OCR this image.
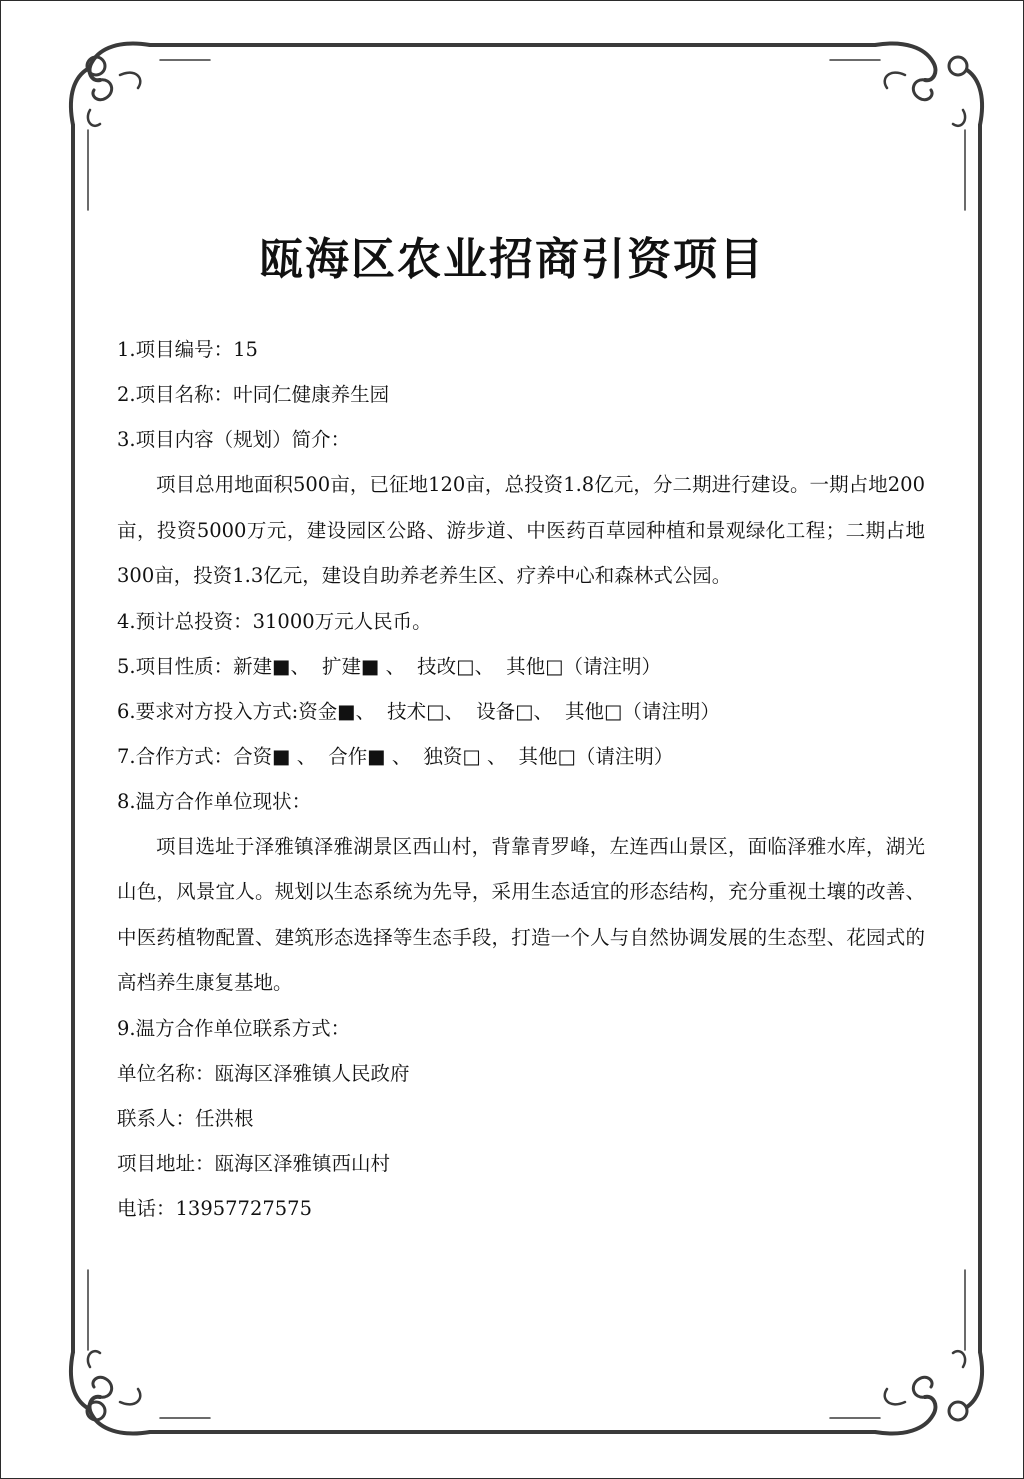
瓯海区农业招商引资项目
1.项目编号：15
2.项目名称：叶同仁健康养生园
3.项目内容（规划）简介：

项目总用地面积500亩，已征地120亩，总投资1.8亿元，分二期进行建设。一期占地200亩，投资5000万元，建设园区公路、游步道、中医药百草园种植和景观绿化工程；二期占地300亩，投资1.3亿元，建设自助养老养生区、疗养中心和森林式公园。

4.预计总投资：31000万元人民币。
5.项目性质：新建■、 扩建■ 、 技改□、 其他□（请注明）
6.要求对方投入方式:资金■、 技术□、 设备□、 其他□（请注明）
7.合作方式：合资■ 、 合作■ 、 独资□ 、 其他□（请注明）
8.温方合作单位现状：

项目选址于泽雅镇泽雅湖景区西山村，背靠青罗峰，左连西山景区，面临泽雅水库，湖光山色，风景宜人。规划以生态系统为先导，采用生态适宜的形态结构，充分重视土壤的改善、中医药植物配置、建筑形态选择等生态手段，打造一个人与自然协调发展的生态型、花园式的高档养生康复基地。

9.温方合作单位联系方式：
单位名称：瓯海区泽雅镇人民政府
联系人：任洪根
项目地址：瓯海区泽雅镇西山村
电话：13957727575
